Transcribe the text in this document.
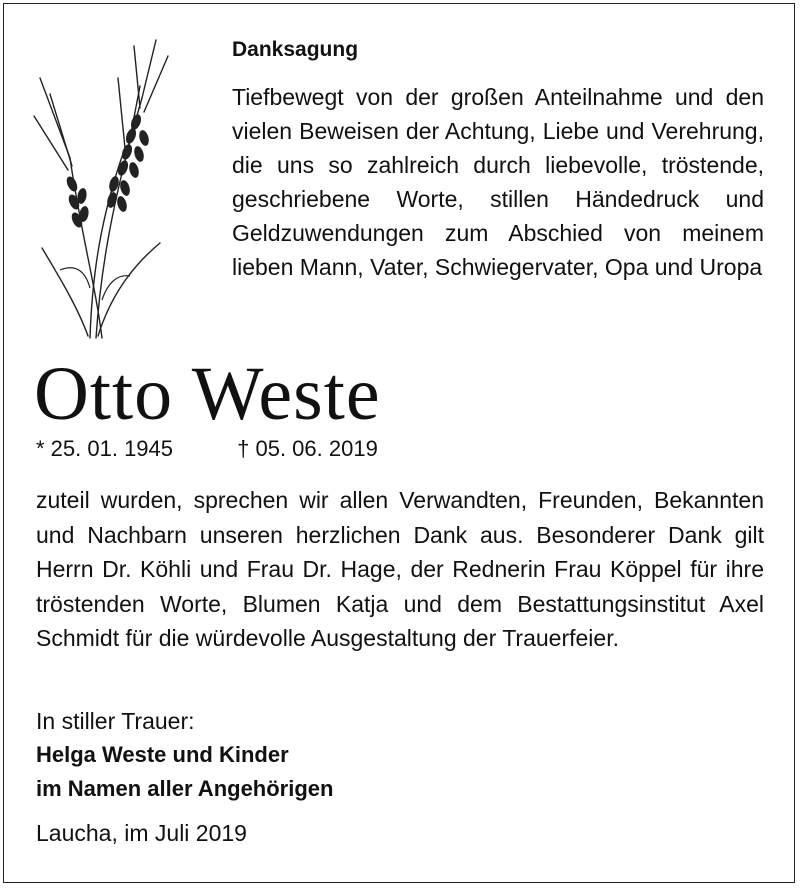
Danksagung
Tiefbewegt von der großen Anteilnahme und den vielen Beweisen der Achtung, Liebe und Verehrung, die uns so zahlreich durch liebevolle, tröstende, geschriebene Worte, stillen Händedruck und Geldzuwendungen zum Abschied von meinem lieben Mann, Vater, Schwiegervater, Opa und Uropa
Otto Weste
* 25. 01. 1945	† 05. 06. 2019
zuteil wurden, sprechen wir allen Verwandten, Freunden, Bekannten und Nachbarn unseren herzlichen Dank aus. Besonderer Dank gilt Herrn Dr. Köhli und Frau Dr. Hage, der Rednerin Frau Köppel für ihre tröstenden Worte, Blumen Katja und dem Bestattungsinstitut Axel Schmidt für die würdevolle Ausgestaltung der Trauerfeier.
In stiller Trauer:
Helga Weste und Kinder
im Namen aller Angehörigen
Laucha, im Juli 2019
